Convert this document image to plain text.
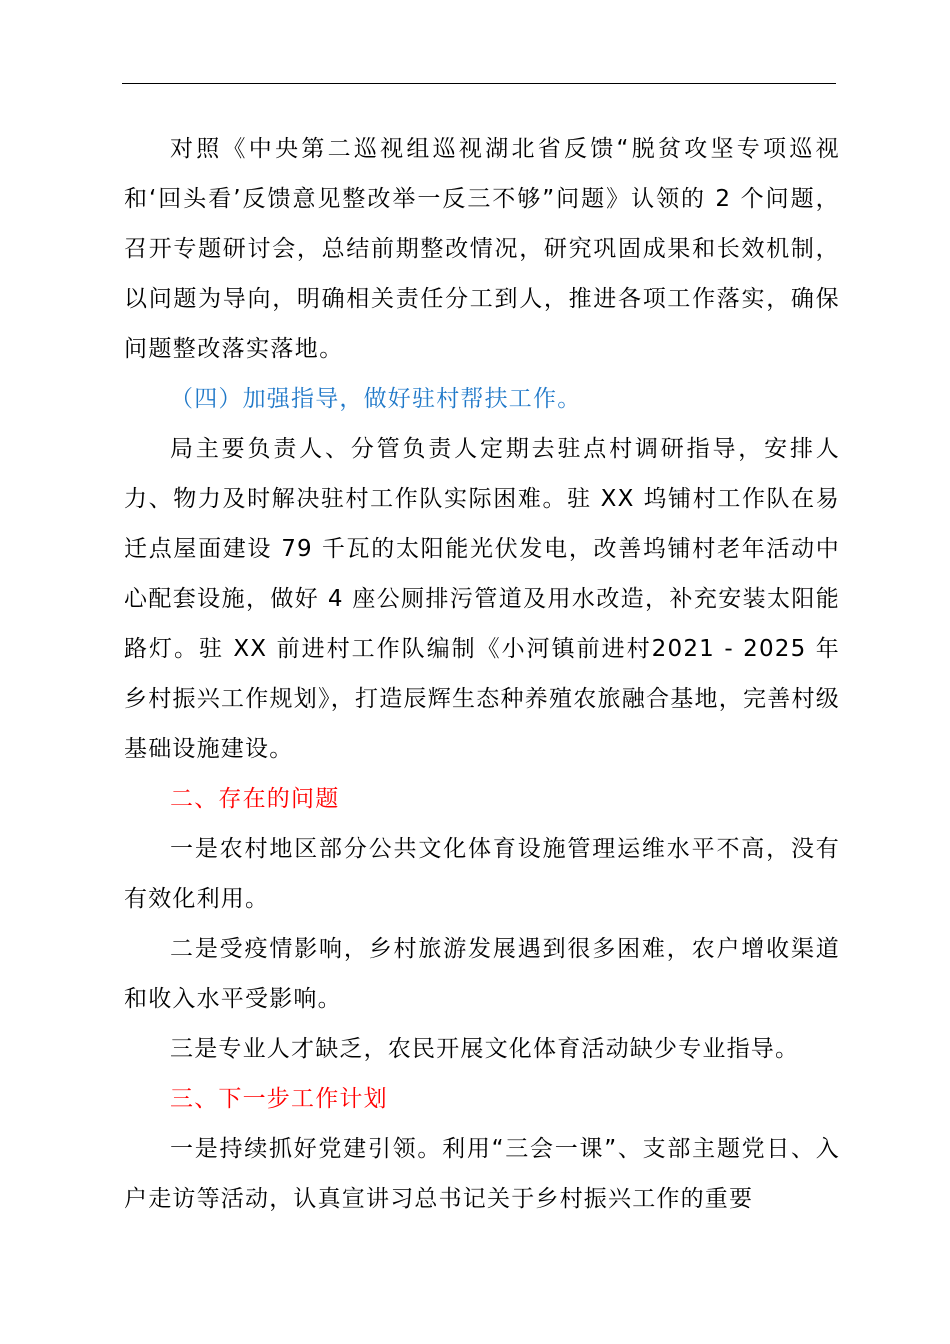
对照《中央第二巡视组巡视湖北省反馈“脱贫攻坚专项巡视和‘回头看’反馈意见整改举一反三不够”问题》认领的 2 个问题，召开专题研讨会，总结前期整改情况，研究巩固成果和长效机制，以问题为导向，明确相关责任分工到人，推进各项工作落实，确保问题整改落实落地。

（四）加强指导，做好驻村帮扶工作。

局主要负责人、分管负责人定期去驻点村调研指导，安排人力、物力及时解决驻村工作队实际困难。驻 XX 坞铺村工作队在易迁点屋面建设 79 千瓦的太阳能光伏发电，改善坞铺村老年活动中心配套设施，做好 4 座公厕排污管道及用水改造，补充安装太阳能路灯。驻 XX 前进村工作队编制《小河镇前进村2021 - 2025 年乡村振兴工作规划》，打造辰辉生态种养殖农旅融合基地，完善村级基础设施建设。

二、存在的问题

一是农村地区部分公共文化体育设施管理运维水平不高，没有有效化利用。

二是受疫情影响，乡村旅游发展遇到很多困难，农户增收渠道和收入水平受影响。

三是专业人才缺乏，农民开展文化体育活动缺少专业指导。

三、下一步工作计划

一是持续抓好党建引领。利用“三会一课”、支部主题党日、入户走访等活动，认真宣讲习总书记关于乡村振兴工作的重要
